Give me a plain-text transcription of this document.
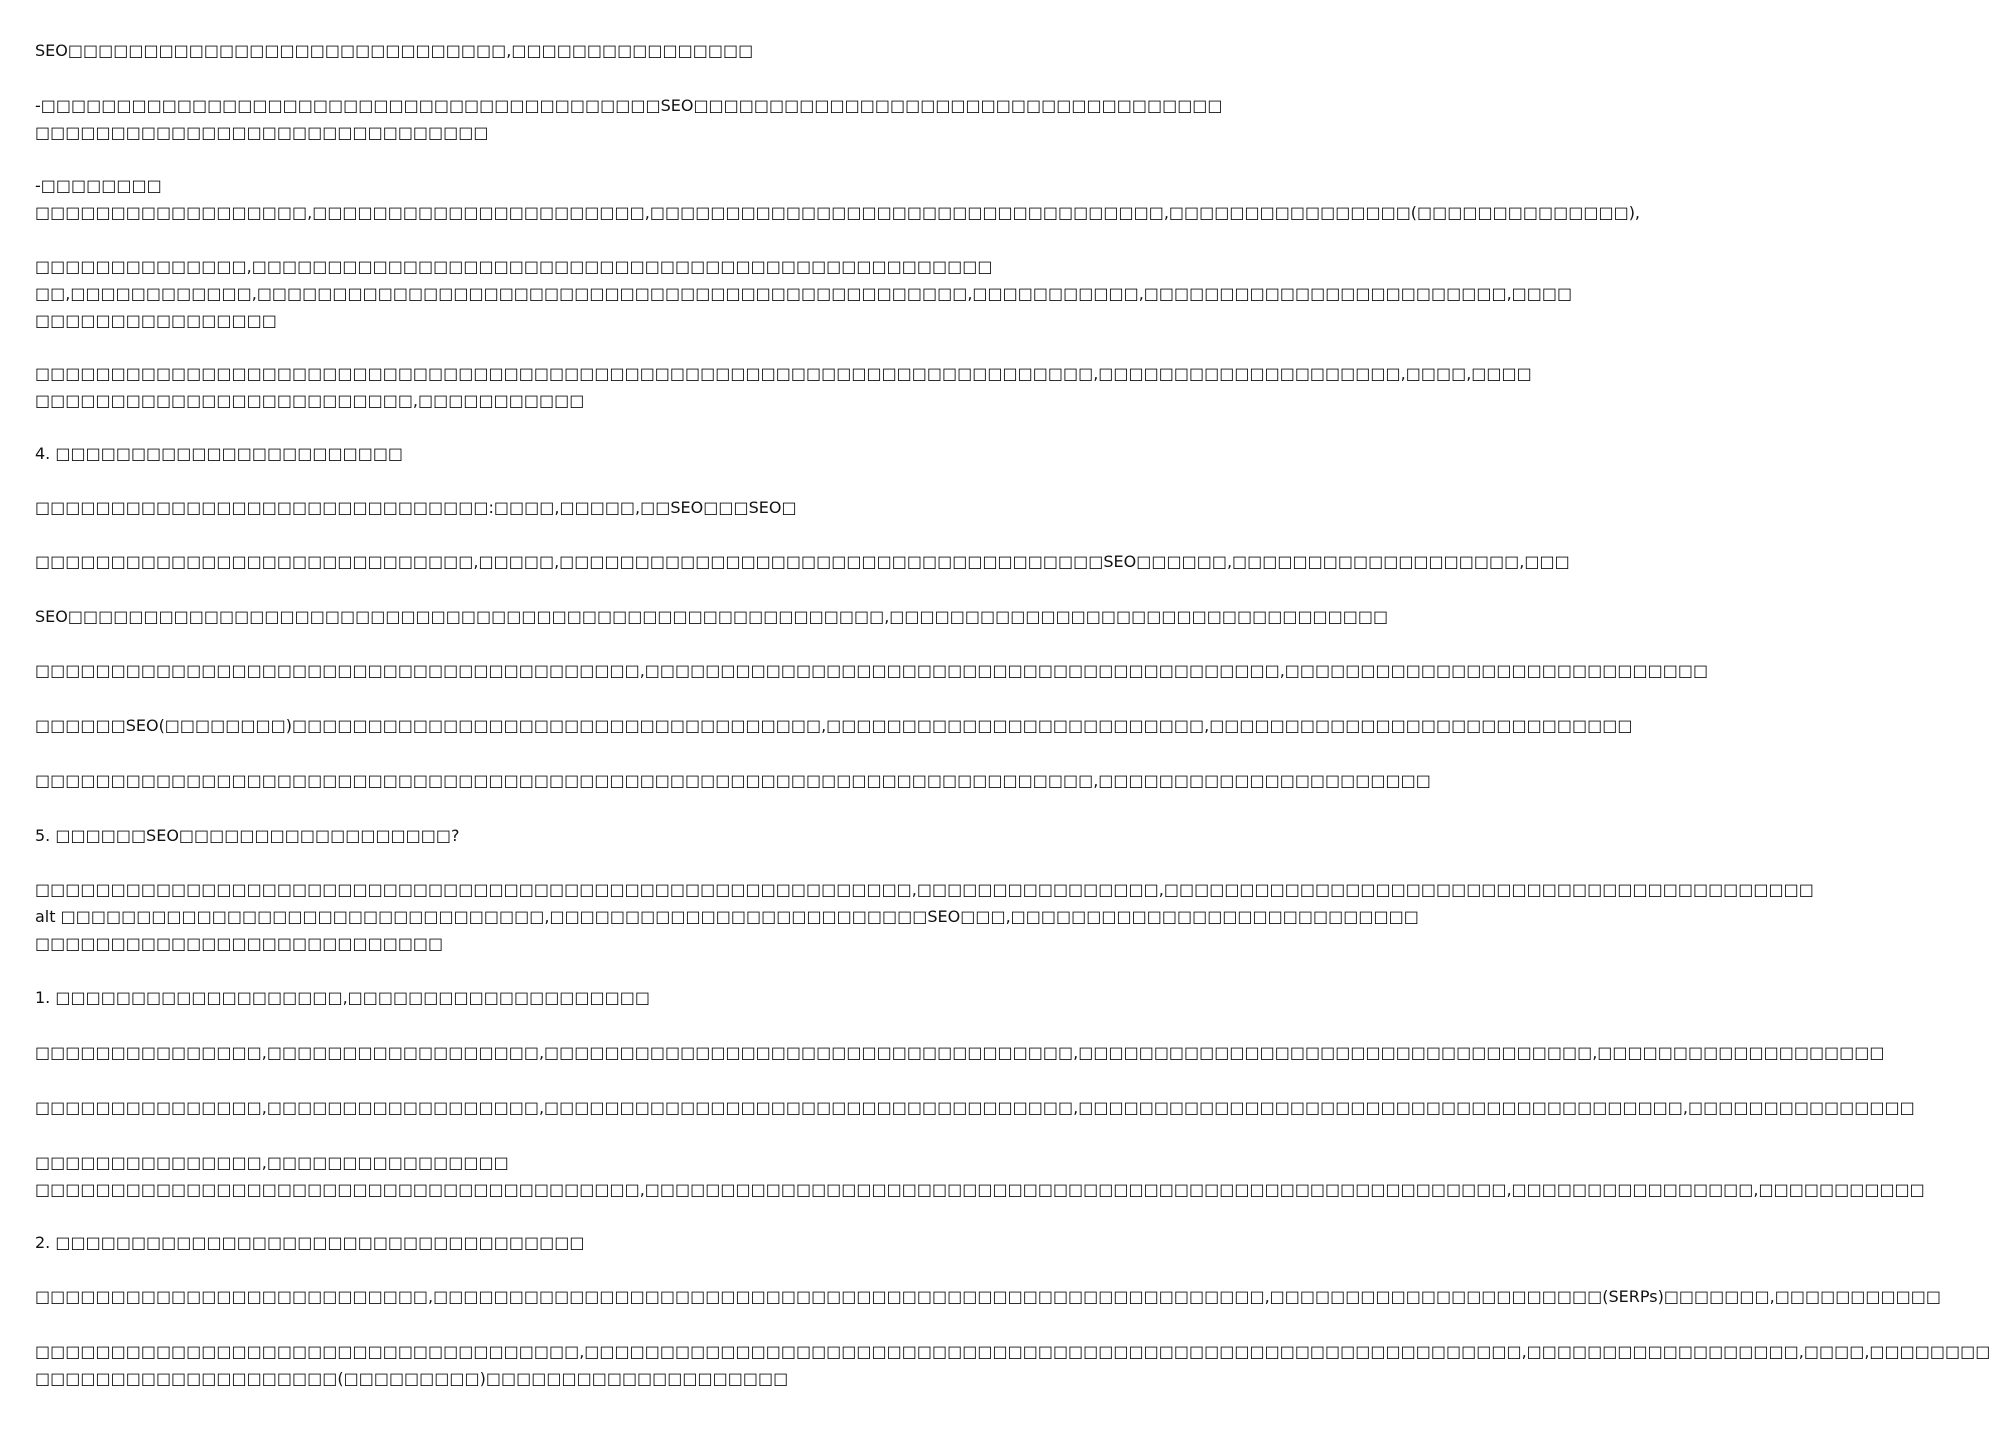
SEO□□□□□□□□□□□□□□□□□□□□□□□□□□□□□,□□□□□□□□□□□□□□□□
-□□□□□□□□□□□□□□□□□□□□□□□□□□□□□□□□□□□□□□□□□SEO□□□□□□□□□□□□□□□□□□□□□□□□□□□□□□□□□□□
□□□□□□□□□□□□□□□□□□□□□□□□□□□□□□
-□□□□□□□□
□□□□□□□□□□□□□□□□□□,□□□□□□□□□□□□□□□□□□□□□□,□□□□□□□□□□□□□□□□□□□□□□□□□□□□□□□□□□,□□□□□□□□□□□□□□□□(□□□□□□□□□□□□□□),
□□□□□□□□□□□□□□,□□□□□□□□□□□□□□□□□□□□□□□□□□□□□□□□□□□□□□□□□□□□□□□□□
□□,□□□□□□□□□□□□,□□□□□□□□□□□□□□□□□□□□□□□□□□□□□□□□□□□□□□□□□□□□□□□,□□□□□□□□□□□,□□□□□□□□□□□□□□□□□□□□□□□□,□□□□
□□□□□□□□□□□□□□□□
□□□□□□□□□□□□□□□□□□□□□□□□□□□□□□□□□□□□□□□□□□□□□□□□□□□□□□□□□□□□□□□□□□□□□□,□□□□□□□□□□□□□□□□□□□□,□□□□,□□□□
□□□□□□□□□□□□□□□□□□□□□□□□□,□□□□□□□□□□□
4. □□□□□□□□□□□□□□□□□□□□□□□
□□□□□□□□□□□□□□□□□□□□□□□□□□□□□□:□□□□,□□□□□,□□SEO□□□SEO□
□□□□□□□□□□□□□□□□□□□□□□□□□□□□□,□□□□□,□□□□□□□□□□□□□□□□□□□□□□□□□□□□□□□□□□□□SEO□□□□□□,□□□□□□□□□□□□□□□□□□□,□□□
SEO□□□□□□□□□□□□□□□□□□□□□□□□□□□□□□□□□□□□□□□□□□□□□□□□□□□□□□,□□□□□□□□□□□□□□□□□□□□□□□□□□□□□□□□□
□□□□□□□□□□□□□□□□□□□□□□□□□□□□□□□□□□□□□□□□,□□□□□□□□□□□□□□□□□□□□□□□□□□□□□□□□□□□□□□□□□□,□□□□□□□□□□□□□□□□□□□□□□□□□□□□
□□□□□□SEO(□□□□□□□□)□□□□□□□□□□□□□□□□□□□□□□□□□□□□□□□□□□□,□□□□□□□□□□□□□□□□□□□□□□□□□,□□□□□□□□□□□□□□□□□□□□□□□□□□□□
□□□□□□□□□□□□□□□□□□□□□□□□□□□□□□□□□□□□□□□□□□□□□□□□□□□□□□□□□□□□□□□□□□□□□□,□□□□□□□□□□□□□□□□□□□□□□
5. □□□□□□SEO□□□□□□□□□□□□□□□□□□?
□□□□□□□□□□□□□□□□□□□□□□□□□□□□□□□□□□□□□□□□□□□□□□□□□□□□□□□□□□,□□□□□□□□□□□□□□□□,□□□□□□□□□□□□□□□□□□□□□□□□□□□□□□□□□□□□□□□□□□□
alt □□□□□□□□□□□□□□□□□□□□□□□□□□□□□□□□,□□□□□□□□□□□□□□□□□□□□□□□□□SEO□□□,□□□□□□□□□□□□□□□□□□□□□□□□□□□
□□□□□□□□□□□□□□□□□□□□□□□□□□□
1. □□□□□□□□□□□□□□□□□□□,□□□□□□□□□□□□□□□□□□□□
□□□□□□□□□□□□□□□,□□□□□□□□□□□□□□□□□□,□□□□□□□□□□□□□□□□□□□□□□□□□□□□□□□□□□□,□□□□□□□□□□□□□□□□□□□□□□□□□□□□□□□□□□,□□□□□□□□□□□□□□□□□□□
□□□□□□□□□□□□□□□,□□□□□□□□□□□□□□□□□□,□□□□□□□□□□□□□□□□□□□□□□□□□□□□□□□□□□□,□□□□□□□□□□□□□□□□□□□□□□□□□□□□□□□□□□□□□□□□,□□□□□□□□□□□□□□□
□□□□□□□□□□□□□□□,□□□□□□□□□□□□□□□□
□□□□□□□□□□□□□□□□□□□□□□□□□□□□□□□□□□□□□□□□,□□□□□□□□□□□□□□□□□□□□□□□□□□□□□□□□□□□□□□□□□□□□□□□□□□□□□□□□□,□□□□□□□□□□□□□□□□,□□□□□□□□□□□
2. □□□□□□□□□□□□□□□□□□□□□□□□□□□□□□□□□□□
□□□□□□□□□□□□□□□□□□□□□□□□□□,□□□□□□□□□□□□□□□□□□□□□□□□□□□□□□□□□□□□□□□□□□□□□□□□□□□□□□□,□□□□□□□□□□□□□□□□□□□□□□(SERPs)□□□□□□□,□□□□□□□□□□□
□□□□□□□□□□□□□□□□□□□□□□□□□□□□□□□□□□□□,□□□□□□□□□□□□□□□□□□□□□□□□□□□□□□□□□□□□□□□□□□□□□□□□□□□□□□□□□□□□□□,□□□□□□□□□□□□□□□□□□,□□□□,□□□□□□□□
□□□□□□□□□□□□□□□□□□□□(□□□□□□□□□)□□□□□□□□□□□□□□□□□□□□
